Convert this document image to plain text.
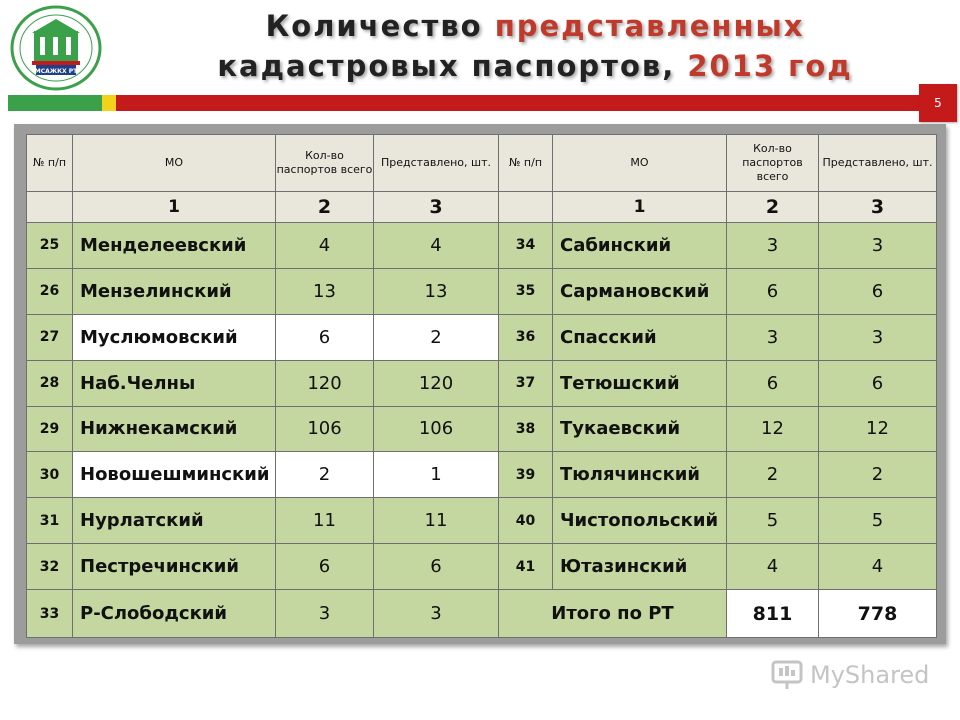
МСАЖКХ РТ
Количество представленных
кадастровых паспортов, 2013 год
5
№ п/п	МО	Кол-во паспортов всего	Представлено, шт.	№ п/п	МО	Кол-во паспортов всего	Представлено, шт.
	1	2	3		1	2	3
25	Менделеевский	4	4	34	Сабинский	3	3
26	Мензелинский	13	13	35	Сармановский	6	6
27	Муслюмовский	6	2	36	Спасский	3	3
28	Наб.Челны	120	120	37	Тетюшский	6	6
29	Нижнекамский	106	106	38	Тукаевский	12	12
30	Новошешминский	2	1	39	Тюлячинский	2	2
31	Нурлатский	11	11	40	Чистопольский	5	5
32	Пестречинский	6	6	41	Ютазинский	4	4
33	Р-Слободский	3	3	Итого по РТ		811	778
MyShared
